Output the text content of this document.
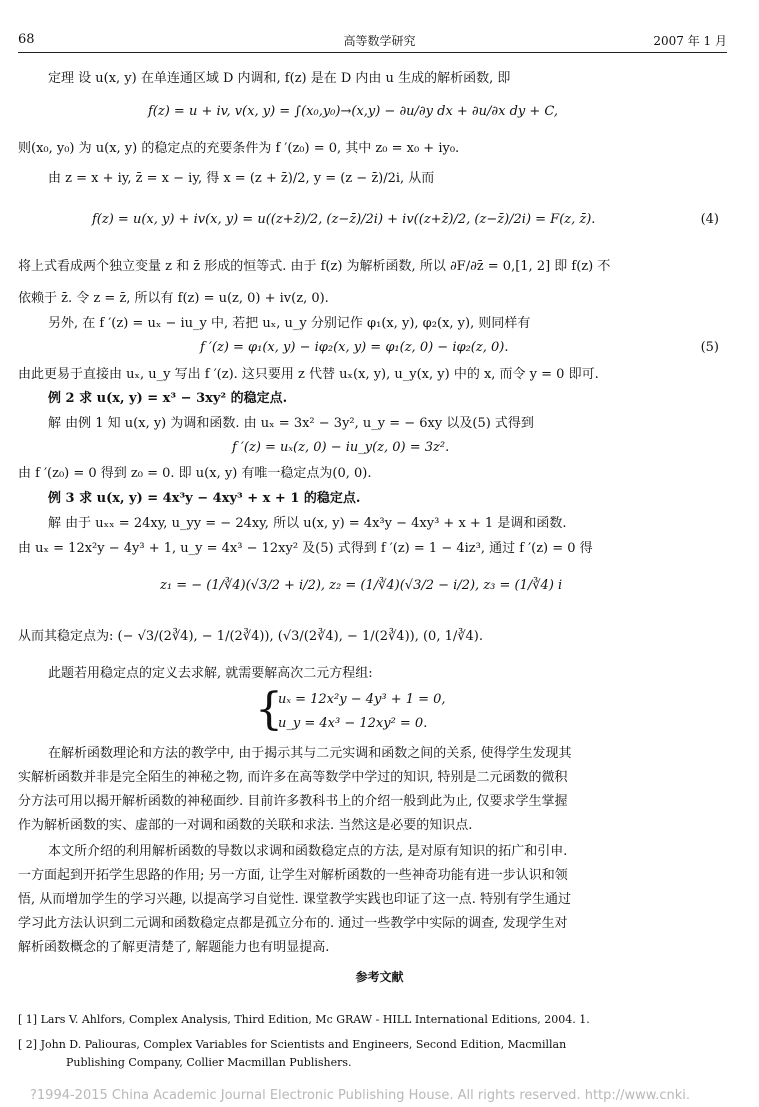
68	高等数学研究	2007 年 1 月
定理 设 u(x, y) 在单连通区域 D 内调和, f(z) 是在 D 内由 u 生成的解析函数, 即
f(z) = u + iv, v(x, y) = ∫(x₀,y₀)→(x,y) − ∂u/∂y dx + ∂u/∂x dy + C,
则(x₀, y₀) 为 u(x, y) 的稳定点的充要条件为 f ′(z₀) = 0, 其中 z₀ = x₀ + iy₀.
由 z = x + iy, z̄ = x − iy, 得 x = (z + z̄)/2, y = (z − z̄)/2i, 从而
f(z) = u(x, y) + iv(x, y) = u((z+z̄)/2, (z−z̄)/2i) + iv((z+z̄)/2, (z−z̄)/2i) = F(z, z̄).	(4)
将上式看成两个独立变量 z 和 z̄ 形成的恒等式. 由于 f(z) 为解析函数, 所以 ∂F/∂z̄ = 0,[1, 2] 即 f(z) 不
依赖于 z̄. 令 z = z̄, 所以有 f(z) = u(z, 0) + iv(z, 0).
另外, 在 f ′(z) = uₓ − iu_y 中, 若把 uₓ, u_y 分别记作 φ₁(x, y), φ₂(x, y), 则同样有
f ′(z) = φ₁(x, y) − iφ₂(x, y) = φ₁(z, 0) − iφ₂(z, 0).	(5)
由此更易于直接由 uₓ, u_y 写出 f ′(z). 这只要用 z 代替 uₓ(x, y), u_y(x, y) 中的 x, 而令 y = 0 即可.
例 2 求 u(x, y) = x³ − 3xy² 的稳定点.
解 由例 1 知 u(x, y) 为调和函数. 由 uₓ = 3x² − 3y², u_y = − 6xy 以及(5) 式得到
f ′(z) = uₓ(z, 0) − iu_y(z, 0) = 3z².
由 f ′(z₀) = 0 得到 z₀ = 0. 即 u(x, y) 有唯一稳定点为(0, 0).
例 3 求 u(x, y) = 4x³y − 4xy³ + x + 1 的稳定点.
解 由于 uₓₓ = 24xy, u_yy = − 24xy, 所以 u(x, y) = 4x³y − 4xy³ + x + 1 是调和函数.
由 uₓ = 12x²y − 4y³ + 1, u_y = 4x³ − 12xy² 及(5) 式得到 f ′(z) = 1 − 4iz³, 通过 f ′(z) = 0 得
z₁ = − (1/∛4)(√3/2 + i/2), z₂ = (1/∛4)(√3/2 − i/2), z₃ = (1/∛4) i
从而其稳定点为: (− √3/(2∛4), − 1/(2∛4)), (√3/(2∛4), − 1/(2∛4)), (0, 1/∛4).
此题若用稳定点的定义去求解, 就需要解高次二元方程组:
{
uₓ = 12x²y − 4y³ + 1 = 0,
u_y = 4x³ − 12xy² = 0.
在解析函数理论和方法的教学中, 由于揭示其与二元实调和函数之间的关系, 使得学生发现其
实解析函数并非是完全陌生的神秘之物, 而许多在高等数学中学过的知识, 特别是二元函数的微积
分方法可用以揭开解析函数的神秘面纱. 目前许多教科书上的介绍一般到此为止, 仅要求学生掌握
作为解析函数的实、虚部的一对调和函数的关联和求法. 当然这是必要的知识点.
本文所介绍的利用解析函数的导数以求调和函数稳定点的方法, 是对原有知识的拓广和引申.
一方面起到开拓学生思路的作用; 另一方面, 让学生对解析函数的一些神奇功能有进一步认识和领
悟, 从而增加学生的学习兴趣, 以提高学习自觉性. 课堂教学实践也印证了这一点. 特别有学生通过
学习此方法认识到二元调和函数稳定点都是孤立分布的. 通过一些教学中实际的调查, 发现学生对
解析函数概念的了解更清楚了, 解题能力也有明显提高.
参考文献
[ 1] Lars V. Ahlfors, Complex Analysis, Third Edition, Mc GRAW - HILL International Editions, 2004. 1.
[ 2] John D. Paliouras, Complex Variables for Scientists and Engineers, Second Edition, Macmillan
Publishing Company, Collier Macmillan Publishers.
?1994-2015 China Academic Journal Electronic Publishing House. All rights reserved. http://www.cnki.
